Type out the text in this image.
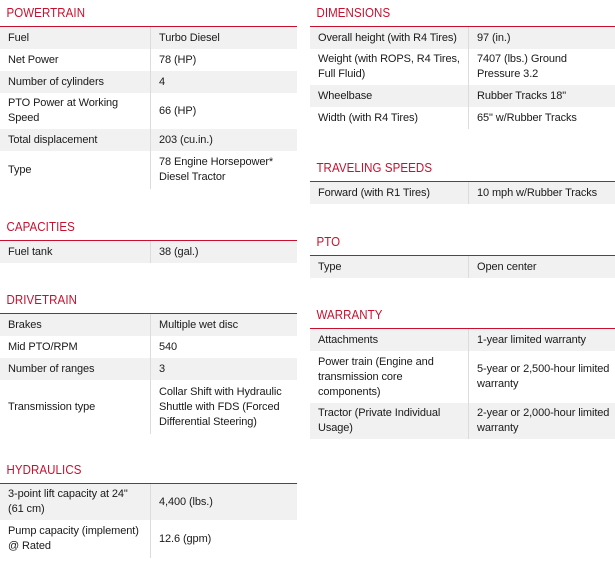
POWERTRAIN
Fuel	Turbo Diesel
Net Power	78 (HP)
Number of cylinders	4
PTO Power at Working Speed	66 (HP)
Total displacement	203 (cu.in.)
Type	78 Engine Horsepower* Diesel Tractor
CAPACITIES
Fuel tank	38 (gal.)
DRIVETRAIN
Brakes	Multiple wet disc
Mid PTO/RPM	540
Number of ranges	3
Transmission type	Collar Shift with Hydraulic Shuttle with FDS (Forced Differential Steering)
HYDRAULICS
3-point lift capacity at 24" (61 cm)	4,400 (lbs.)
Pump capacity (implement) @ Rated	12.6 (gpm)
DIMENSIONS
Overall height (with R4 Tires)	97 (in.)
Weight (with ROPS, R4 Tires, Full Fluid)	7407 (lbs.) Ground Pressure 3.2
Wheelbase	Rubber Tracks 18"
Width (with R4 Tires)	65" w/Rubber Tracks
TRAVELING SPEEDS
Forward (with R1 Tires)	10 mph w/Rubber Tracks
PTO
Type	Open center
WARRANTY
Attachments	1-year limited warranty
Power train (Engine and transmission core components)	5-year or 2,500-hour limited warranty
Tractor (Private Individual Usage)	2-year or 2,000-hour limited warranty
